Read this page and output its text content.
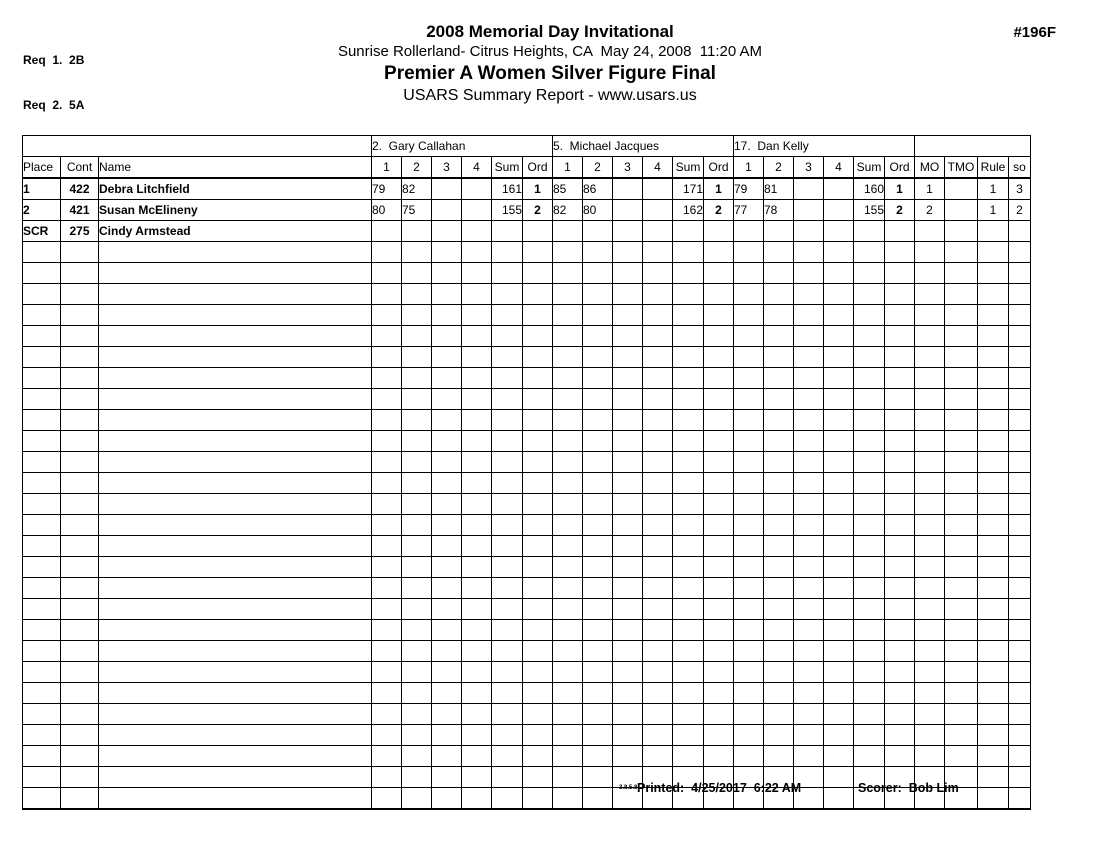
Req  1.  2B

Req  2.  5A

2008 Memorial Day Invitational
Sunrise Rollerland- Citrus Heights, CA  May 24, 2008  11:20 AM
Premier A Women Silver Figure Final
USARS Summary Report - www.usars.us
#196F
			2.  Gary Callahan						5.  Michael Jacques						17.  Dan Kelly									
Place	Cont	Name	1	2	3	4	Sum	Ord	1	2	3	4	Sum	Ord	1	2	3	4	Sum	Ord	MO	TMO	Rule	so
1	422	Debra Litchfield	79	82			161	1	85	86			171	1	79	81			160	1	1		1	3
2	421	Susan McElineny	80	75			155	2	82	80			162	2	77	78			155	2	2		1	2
SCR	275	Cindy Armstead																						

3.8.5.8 Printed:  4/25/2017  6:22 AM	Scorer:  Bob Lim
